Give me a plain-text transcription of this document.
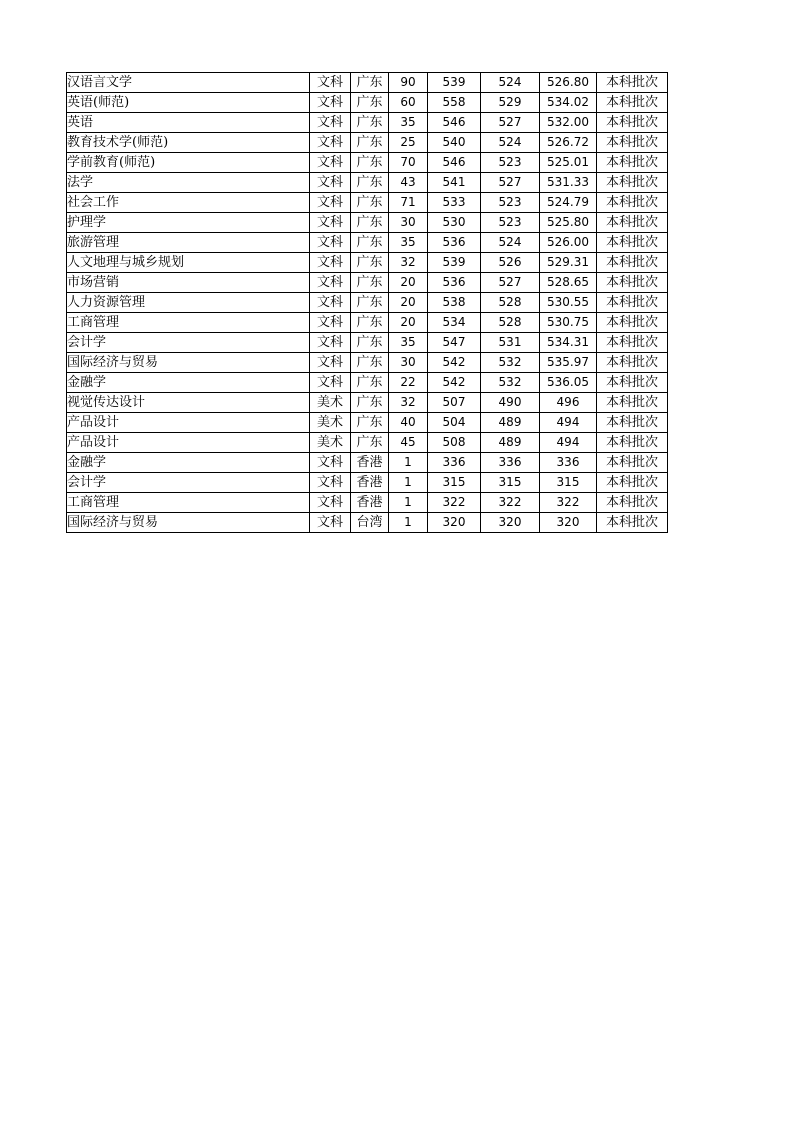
汉语言文学	文科	广东	90	539	524	526.80	本科批次
英语(师范)	文科	广东	60	558	529	534.02	本科批次
英语	文科	广东	35	546	527	532.00	本科批次
教育技术学(师范)	文科	广东	25	540	524	526.72	本科批次
学前教育(师范)	文科	广东	70	546	523	525.01	本科批次
法学	文科	广东	43	541	527	531.33	本科批次
社会工作	文科	广东	71	533	523	524.79	本科批次
护理学	文科	广东	30	530	523	525.80	本科批次
旅游管理	文科	广东	35	536	524	526.00	本科批次
人文地理与城乡规划	文科	广东	32	539	526	529.31	本科批次
市场营销	文科	广东	20	536	527	528.65	本科批次
人力资源管理	文科	广东	20	538	528	530.55	本科批次
工商管理	文科	广东	20	534	528	530.75	本科批次
会计学	文科	广东	35	547	531	534.31	本科批次
国际经济与贸易	文科	广东	30	542	532	535.97	本科批次
金融学	文科	广东	22	542	532	536.05	本科批次
视觉传达设计	美术	广东	32	507	490	496	本科批次
产品设计	美术	广东	40	504	489	494	本科批次
产品设计	美术	广东	45	508	489	494	本科批次
金融学	文科	香港	1	336	336	336	本科批次
会计学	文科	香港	1	315	315	315	本科批次
工商管理	文科	香港	1	322	322	322	本科批次
国际经济与贸易	文科	台湾	1	320	320	320	本科批次
